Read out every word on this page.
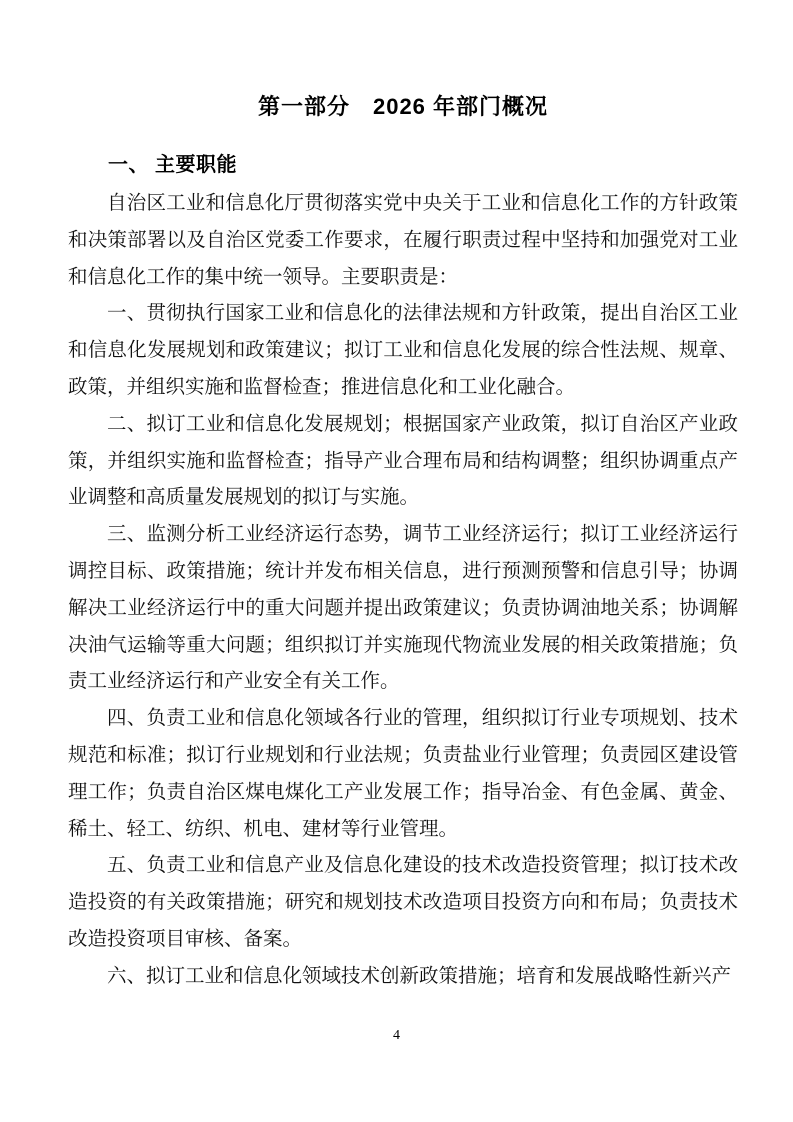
第一部分　2026 年部门概况
一、 主要职能

自治区工业和信息化厅贯彻落实党中央关于工业和信息化工作的方针政策和决策部署以及自治区党委工作要求，在履行职责过程中坚持和加强党对工业和信息化工作的集中统一领导。主要职责是：

一、贯彻执行国家工业和信息化的法律法规和方针政策，提出自治区工业和信息化发展规划和政策建议；拟订工业和信息化发展的综合性法规、规章、政策，并组织实施和监督检查；推进信息化和工业化融合。

二、拟订工业和信息化发展规划；根据国家产业政策，拟订自治区产业政策，并组织实施和监督检查；指导产业合理布局和结构调整；组织协调重点产业调整和高质量发展规划的拟订与实施。

三、监测分析工业经济运行态势，调节工业经济运行；拟订工业经济运行调控目标、政策措施；统计并发布相关信息，进行预测预警和信息引导；协调解决工业经济运行中的重大问题并提出政策建议；负责协调油地关系；协调解决油气运输等重大问题；组织拟订并实施现代物流业发展的相关政策措施；负责工业经济运行和产业安全有关工作。

四、负责工业和信息化领域各行业的管理，组织拟订行业专项规划、技术规范和标准；拟订行业规划和行业法规；负责盐业行业管理；负责园区建设管理工作；负责自治区煤电煤化工产业发展工作；指导冶金、有色金属、黄金、稀土、轻工、纺织、机电、建材等行业管理。

五、负责工业和信息产业及信息化建设的技术改造投资管理；拟订技术改造投资的有关政策措施；研究和规划技术改造项目投资方向和布局；负责技术改造投资项目审核、备案。

六、拟订工业和信息化领域技术创新政策措施；培育和发展战略性新兴产

4
